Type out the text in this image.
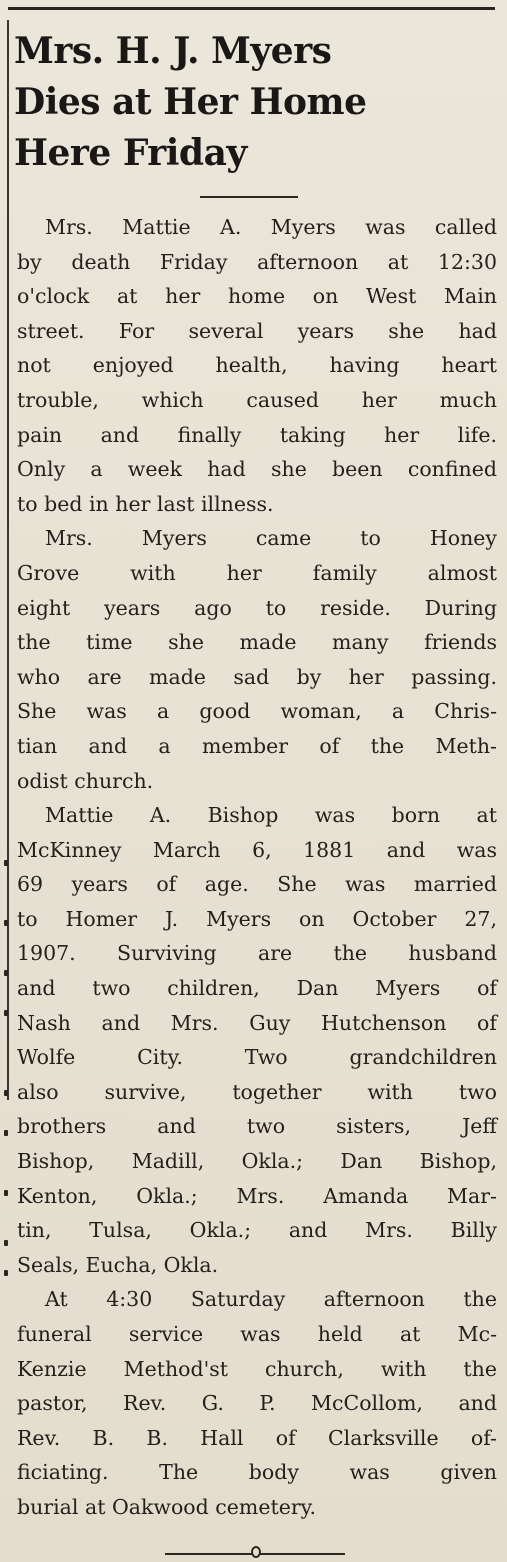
Mrs. H. J. Myers
Dies at Her Home
Here Friday
Mrs. Mattie A. Myers was called
by death Friday afternoon at 12:30
o'clock at her home on West Main
street. For several years she had
not enjoyed health, having heart
trouble, which caused her much
pain and finally taking her life.
Only a week had she been confined
to bed in her last illness.
Mrs. Myers came to Honey
Grove with her family almost
eight years ago to reside. During
the time she made many friends
who are made sad by her passing.
She was a good woman, a Chris-
tian and a member of the Meth-
odist church.
Mattie A. Bishop was born at
McKinney March 6, 1881 and was
69 years of age. She was married
to Homer J. Myers on October 27,
1907. Surviving are the husband
and two children, Dan Myers of
Nash and Mrs. Guy Hutchenson of
Wolfe City. Two grandchildren
also survive, together with two
brothers and two sisters, Jeff
Bishop, Madill, Okla.; Dan Bishop,
Kenton, Okla.; Mrs. Amanda Mar-
tin, Tulsa, Okla.; and Mrs. Billy
Seals, Eucha, Okla.
At 4:30 Saturday afternoon the
funeral service was held at Mc-
Kenzie Method'st church, with the
pastor, Rev. G. P. McCollom, and
Rev. B. B. Hall of Clarksville of-
ficiating. The body was given
burial at Oakwood cemetery.
